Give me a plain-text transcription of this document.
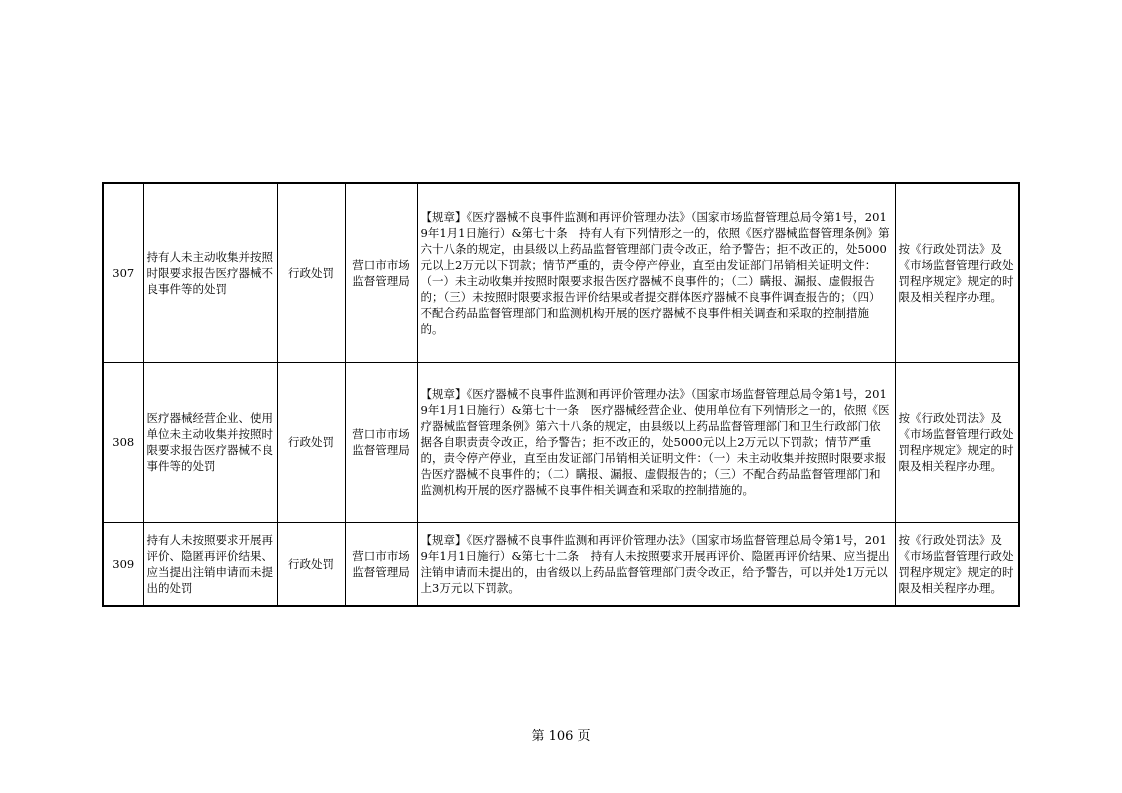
307	持有人未主动收集并按照时限要求报告医疗器械不良事件等的处罚	行政处罚	营口市市场监督管理局	【规章】《医疗器械不良事件监测和再评价管理办法》（国家市场监督管理总局令第1号，2019年1月1日施行）&第七十条　持有人有下列情形之一的，依照《医疗器械监督管理条例》第六十八条的规定，由县级以上药品监督管理部门责令改正，给予警告；拒不改正的，处5000元以上2万元以下罚款；情节严重的，责令停产停业，直至由发证部门吊销相关证明文件：（一）未主动收集并按照时限要求报告医疗器械不良事件的；（二）瞒报、漏报、虚假报告的；（三）未按照时限要求报告评价结果或者提交群体医疗器械不良事件调查报告的；（四）不配合药品监督管理部门和监测机构开展的医疗器械不良事件相关调查和采取的控制措施的。	按《行政处罚法》及《市场监督管理行政处罚程序规定》规定的时限及相关程序办理。
308	医疗器械经营企业、使用单位未主动收集并按照时限要求报告医疗器械不良事件等的处罚	行政处罚	营口市市场监督管理局	【规章】《医疗器械不良事件监测和再评价管理办法》（国家市场监督管理总局令第1号，2019年1月1日施行）&第七十一条　医疗器械经营企业、使用单位有下列情形之一的，依照《医疗器械监督管理条例》第六十八条的规定，由县级以上药品监督管理部门和卫生行政部门依据各自职责责令改正，给予警告；拒不改正的，处5000元以上2万元以下罚款；情节严重的，责令停产停业，直至由发证部门吊销相关证明文件：（一）未主动收集并按照时限要求报告医疗器械不良事件的；（二）瞒报、漏报、虚假报告的；（三）不配合药品监督管理部门和监测机构开展的医疗器械不良事件相关调查和采取的控制措施的。	按《行政处罚法》及《市场监督管理行政处罚程序规定》规定的时限及相关程序办理。
309	持有人未按照要求开展再评价、隐匿再评价结果、应当提出注销申请而未提出的处罚	行政处罚	营口市市场监督管理局	【规章】《医疗器械不良事件监测和再评价管理办法》（国家市场监督管理总局令第1号，2019年1月1日施行）&第七十二条　持有人未按照要求开展再评价、隐匿再评价结果、应当提出注销申请而未提出的，由省级以上药品监督管理部门责令改正，给予警告，可以并处1万元以上3万元以下罚款。	按《行政处罚法》及《市场监督管理行政处罚程序规定》规定的时限及相关程序办理。
第 106 页
